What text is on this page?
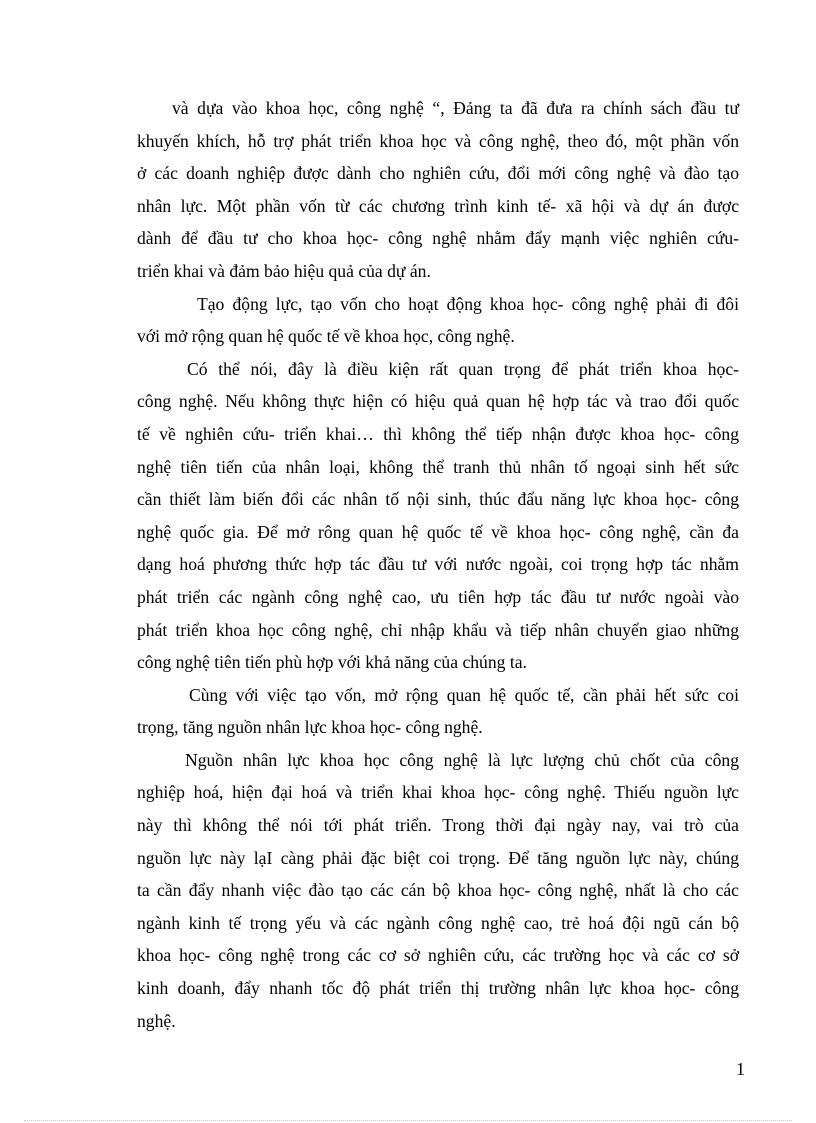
và dựa vào khoa học, công nghệ “, Đảng ta đã đưa ra chính sách đầu tư
khuyến khích, hỗ trợ phát triển khoa học và công nghệ, theo đó, một phần vốn
ở các doanh nghiệp được dành cho nghiên cứu, đổi mới công nghệ và đào tạo
nhân lực. Một phần vốn từ các chương trình kinh tế- xã hội và dự án được
dành để đầu tư cho khoa học- công nghệ nhằm đẩy mạnh việc nghiên cứu-
triển khai và đảm bảo hiệu quả của dự án.
Tạo động lực, tạo vốn cho hoạt động khoa học- công nghệ phải đi đôi
với mở rộng quan hệ quốc tế về khoa học, công nghệ.
Có thể nói, đây là điều kiện rất quan trọng để phát triển khoa học-
công nghệ. Nếu không thực hiện có hiệu quả quan hệ hợp tác và trao đổi quốc
tế về nghiên cứu- triển khai… thì không thể tiếp nhận được khoa học- công
nghệ tiên tiến của nhân loại, không thể tranh thủ nhân tố ngoại sinh hết sức
cần thiết làm biến đổi các nhân tố nội sinh, thúc đẩu năng lực khoa học- công
nghệ quốc gia. Để mở rông quan hệ quốc tế về khoa học- công nghệ, cần đa
dạng hoá phương thức hợp tác đầu tư với nước ngoài, coi trọng hợp tác nhằm
phát triển các ngành công nghệ cao, ưu tiên hợp tác đầu tư nước ngoài vào
phát triển khoa học công nghệ, chỉ nhập khẩu và tiếp nhân chuyển giao những
công nghệ tiên tiến phù hợp với khả năng của chúng ta.
Cùng với việc tạo vốn, mở rộng quan hệ quốc tế, cần phải hết sức coi
trọng, tăng nguồn nhân lực khoa học- công nghệ.
Nguồn nhân lực khoa học công nghệ là lực lượng chủ chốt của công
nghiệp hoá, hiện đại hoá và triển khai khoa học- công nghệ. Thiếu nguồn lực
này thì không thể nói tới phát triển. Trong thời đại ngày nay, vai trò của
nguồn lực này lạI càng phải đặc biệt coi trọng. Để tăng nguồn lực này, chúng
ta cần đẩy nhanh việc đào tạo các cán bộ khoa học- công nghệ, nhất là cho các
ngành kinh tế trọng yếu và các ngành công nghệ cao, trẻ hoá đội ngũ cán bộ
khoa học- công nghệ trong các cơ sở nghiên cứu, các trường học và các cơ sở
kinh doanh, đẩy nhanh tốc độ phát triển thị trường nhân lực khoa học- công
nghệ.
1
